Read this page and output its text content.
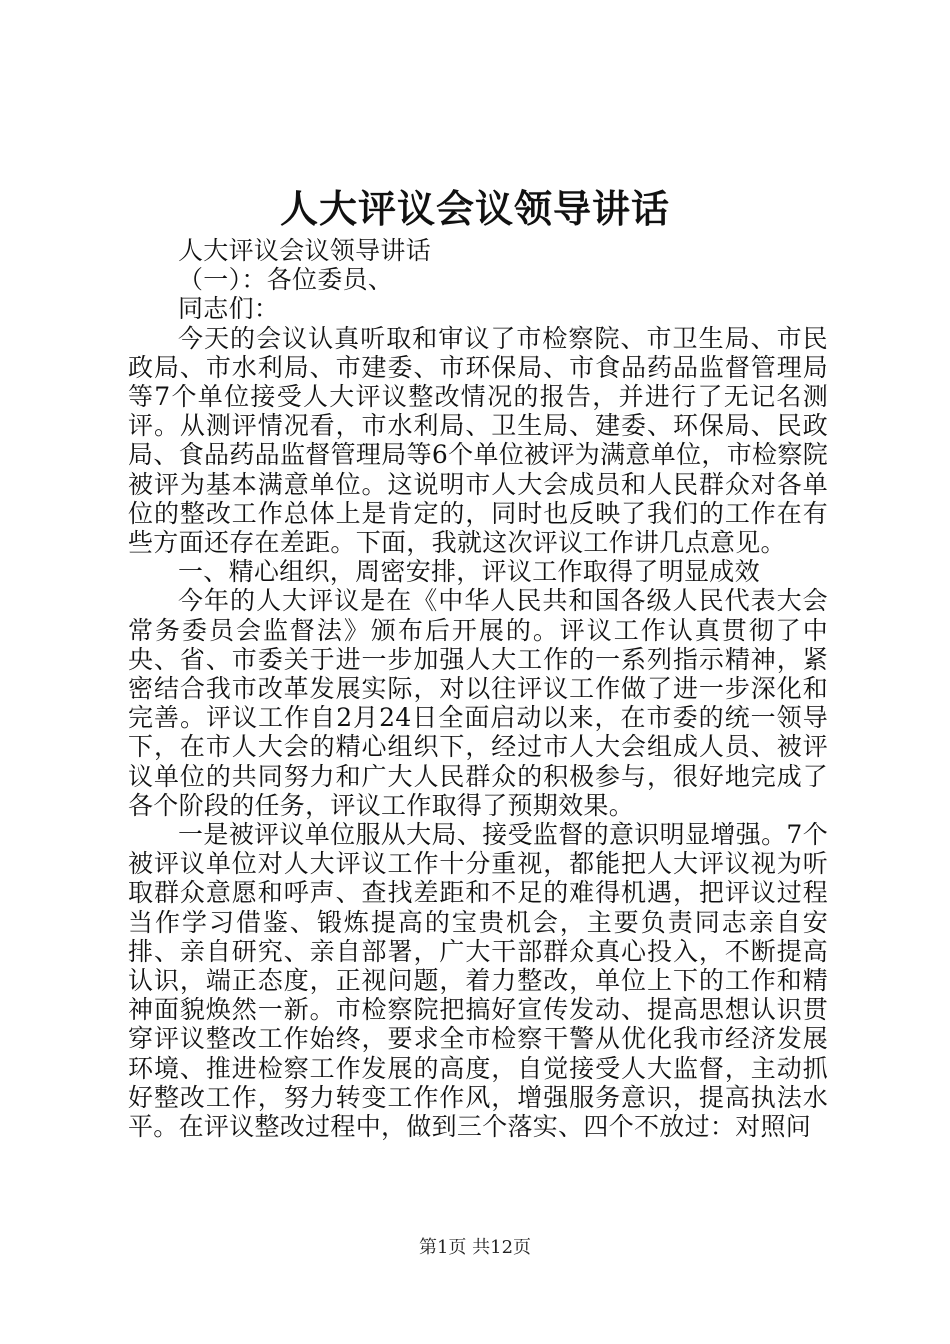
人大评议会议领导讲话

人大评议会议领导讲话

（一）：各位委员、

同志们：

今天的会议认真听取和审议了市检察院、市卫生局、市民政局、市水利局、市建委、市环保局、市食品药品监督管理局等7个单位接受人大评议整改情况的报告，并进行了无记名测评。从测评情况看，市水利局、卫生局、建委、环保局、民政局、食品药品监督管理局等6个单位被评为满意单位，市检察院被评为基本满意单位。这说明市人大会成员和人民群众对各单位的整改工作总体上是肯定的，同时也反映了我们的工作在有些方面还存在差距。下面，我就这次评议工作讲几点意见。

一、精心组织，周密安排，评议工作取得了明显成效

今年的人大评议是在《中华人民共和国各级人民代表大会常务委员会监督法》颁布后开展的。评议工作认真贯彻了中央、省、市委关于进一步加强人大工作的一系列指示精神，紧密结合我市改革发展实际，对以往评议工作做了进一步深化和完善。评议工作自2月24日全面启动以来，在市委的统一领导下，在市人大会的精心组织下，经过市人大会组成人员、被评议单位的共同努力和广大人民群众的积极参与，很好地完成了各个阶段的任务，评议工作取得了预期效果。

一是被评议单位服从大局、接受监督的意识明显增强。7个被评议单位对人大评议工作十分重视，都能把人大评议视为听取群众意愿和呼声、查找差距和不足的难得机遇，把评议过程当作学习借鉴、锻炼提高的宝贵机会，主要负责同志亲自安排、亲自研究、亲自部署，广大干部群众真心投入，不断提高认识，端正态度，正视问题，着力整改，单位上下的工作和精神面貌焕然一新。市检察院把搞好宣传发动、提高思想认识贯穿评议整改工作始终，要求全市检察干警从优化我市经济发展环境、推进检察工作发展的高度，自觉接受人大监督，主动抓好整改工作，努力转变工作作风，增强服务意识，提高执法水平。在评议整改过程中，做到三个落实、四个不放过：对照问

第1页 共12页
